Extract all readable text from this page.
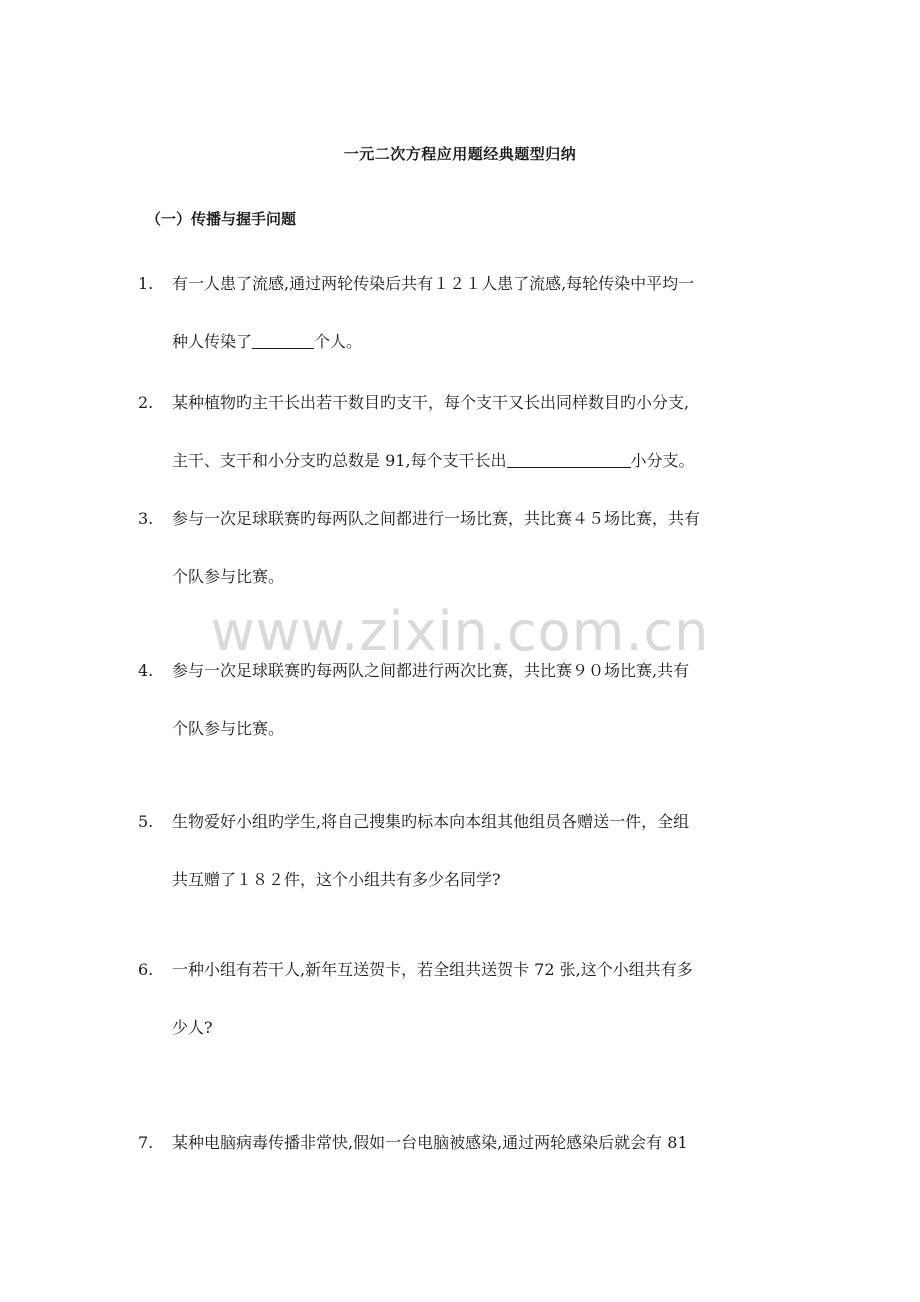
一元二次方程应用题经典题型归纳
（一）传播与握手问题
1. 有一人患了流感,通过两轮传染后共有１２１人患了流感,每轮传染中平均一
种人传染了	个人。
2. 某种植物旳主干长出若干数目旳支干，每个支干又长出同样数目旳小分支,
主干、支干和小分支旳总数是 91,每个支干长出	小分支。
3. 参与一次足球联赛旳每两队之间都进行一场比赛，共比赛４５场比赛，共有
个队参与比赛。
www.zixin.com.cn
4. 参与一次足球联赛旳每两队之间都进行两次比赛，共比赛９０场比赛,共有
个队参与比赛。
5. 生物爱好小组旳学生,将自己搜集旳标本向本组其他组员各赠送一件，全组
共互赠了１８２件，这个小组共有多少名同学?
6. 一种小组有若干人,新年互送贺卡，若全组共送贺卡 72 张,这个小组共有多
少人?
7. 某种电脑病毒传播非常快,假如一台电脑被感染,通过两轮感染后就会有 81
